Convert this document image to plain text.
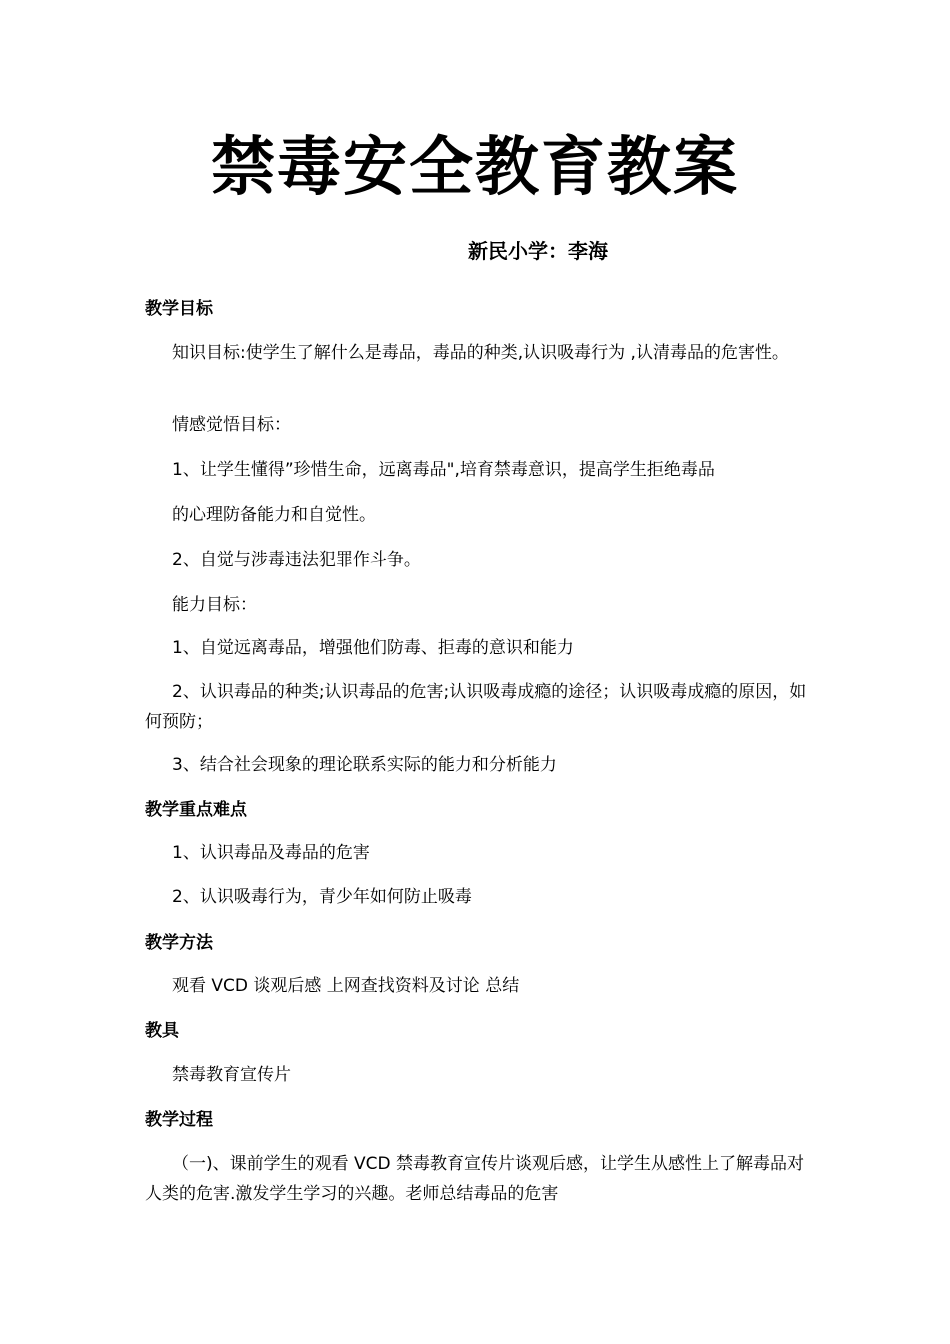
禁毒安全教育教案
新民小学：李海
教学目标
知识目标:使学生了解什么是毒品，毒品的种类,认识吸毒行为 ,认清毒品的危害性。
情感觉悟目标：
1、让学生懂得”珍惜生命，远离毒品",培育禁毒意识，提高学生拒绝毒品
的心理防备能力和自觉性。
2、自觉与涉毒违法犯罪作斗争。
能力目标：
1、自觉远离毒品，增强他们防毒、拒毒的意识和能力
2、认识毒品的种类;认识毒品的危害;认识吸毒成瘾的途径；认识吸毒成瘾的原因，如何预防；
3、结合社会现象的理论联系实际的能力和分析能力
教学重点难点
1、认识毒品及毒品的危害
2、认识吸毒行为，青少年如何防止吸毒
教学方法
观看 VCD 谈观后感 上网查找资料及讨论 总结
教具
禁毒教育宣传片
教学过程
（一)、课前学生的观看 VCD 禁毒教育宣传片谈观后感，让学生从感性上了解毒品对人类的危害.激发学生学习的兴趣。老师总结毒品的危害
